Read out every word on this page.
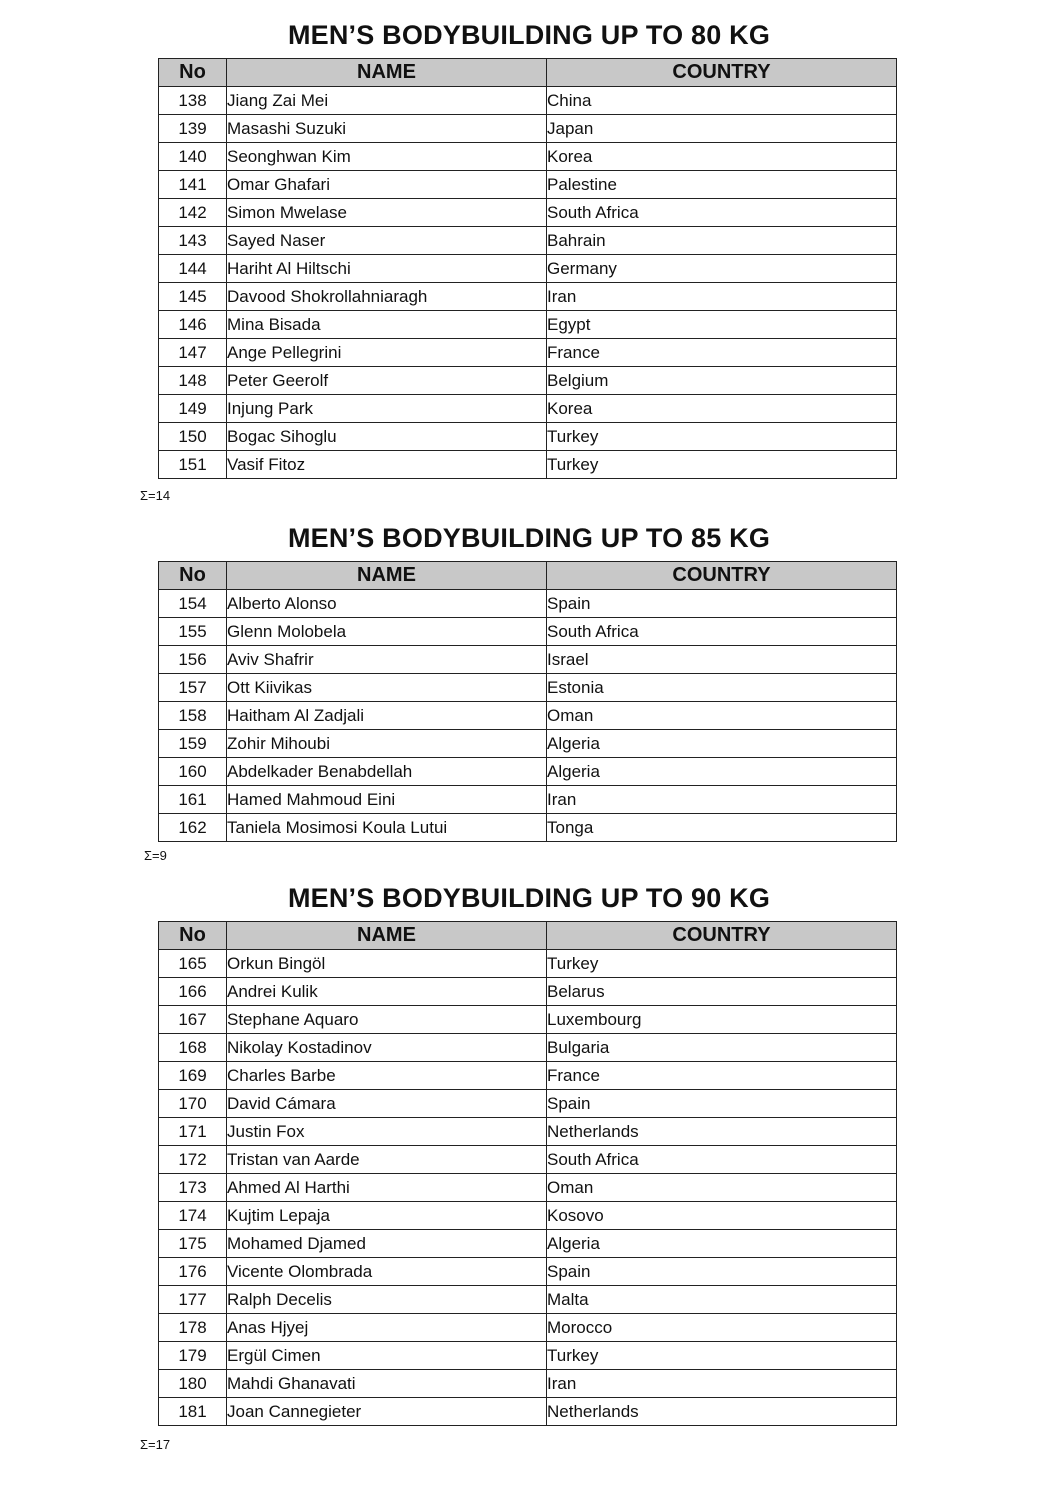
MEN’S BODYBUILDING UP TO 80 KG
No	NAME	COUNTRY
138	Jiang Zai Mei	China
139	Masashi Suzuki	Japan
140	Seonghwan Kim	Korea
141	Omar Ghafari	Palestine
142	Simon Mwelase	South Africa
143	Sayed Naser	Bahrain
144	Hariht Al Hiltschi	Germany
145	Davood Shokrollahniaragh	Iran
146	Mina Bisada	Egypt
147	Ange Pellegrini	France
148	Peter Geerolf	Belgium
149	Injung Park	Korea
150	Bogac Sihoglu	Turkey
151	Vasif Fitoz	Turkey
Σ=14
MEN’S BODYBUILDING UP TO 85 KG
No	NAME	COUNTRY
154	Alberto Alonso	Spain
155	Glenn Molobela	South Africa
156	Aviv Shafrir	Israel
157	Ott Kiivikas	Estonia
158	Haitham Al Zadjali	Oman
159	Zohir Mihoubi	Algeria
160	Abdelkader Benabdellah	Algeria
161	Hamed Mahmoud Eini	Iran
162	Taniela Mosimosi Koula Lutui	Tonga
Σ=9
MEN’S BODYBUILDING UP TO 90 KG
No	NAME	COUNTRY
165	Orkun Bingöl	Turkey
166	Andrei Kulik	Belarus
167	Stephane Aquaro	Luxembourg
168	Nikolay Kostadinov	Bulgaria
169	Charles Barbe	France
170	David Cámara	Spain
171	Justin Fox	Netherlands
172	Tristan van Aarde	South Africa
173	Ahmed Al Harthi	Oman
174	Kujtim Lepaja	Kosovo
175	Mohamed Djamed	Algeria
176	Vicente Olombrada	Spain
177	Ralph Decelis	Malta
178	Anas Hjyej	Morocco
179	Ergül Cimen	Turkey
180	Mahdi Ghanavati	Iran
181	Joan Cannegieter	Netherlands
Σ=17
